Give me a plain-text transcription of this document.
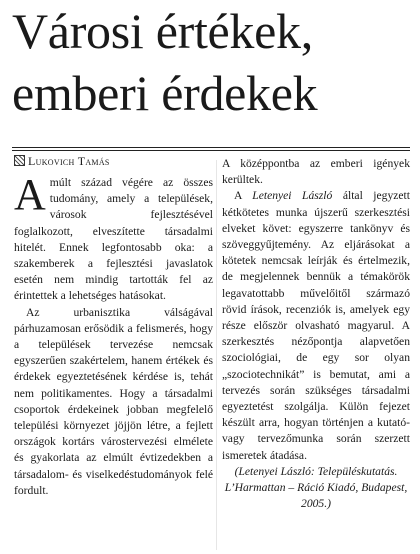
Városi értékek,
emberi érdekek
Lukovich Tamás

Amúlt század végére az összes tudomány, amely a települések, városok fejlesztésével foglalkozott, elveszítette társadalmi hitelét. Ennek legfontosabb oka: a szakemberek a fejlesztési javaslatok esetén nem mindig tartották fel az érintettek a lehetséges hatásokat.

Az urbanisztika válságával párhuzamosan erősödik a felismerés, hogy a települések tervezése nemcsak egyszerűen szakértelem, hanem értékek és érdekek egyeztetésének kérdése is, tehát nem politikamentes. Hogy a társadalmi csoportok érdekeinek jobban megfelelő települési környezet jöjjön létre, a fejlett országok kortárs várostervezési elmélete és gyakorlata az elmúlt évtizedekben a társadalom- és viselkedéstudományok felé fordult.

A középpontba az emberi igények kerültek.

A Letenyei László által jegyzett kétkötetes munka újszerű szerkesztési elveket követ: egyszerre tankönyv és szöveggyűjtemény. Az eljárásokat a kötetek nemcsak leírják és értelmezik, de megjelennek bennük a témakörök legavatottabb művelőitől származó rövid írások, recenziók is, amelyek egy része először olvasható magyarul. A szerkesztés nézőpontja alapvetően szociológiai, de egy sor olyan „szociotechnikát” is bemutat, ami a tervezés során szükséges társadalmi egyeztetést szolgálja. Külön fejezet készült arra, hogyan történjen a kutató- vagy tervezőmunka során szerzett ismeretek átadása.

(Letenyei László: Településkutatás. L’Harmattan – Ráció Kiadó, Budapest, 2005.)
